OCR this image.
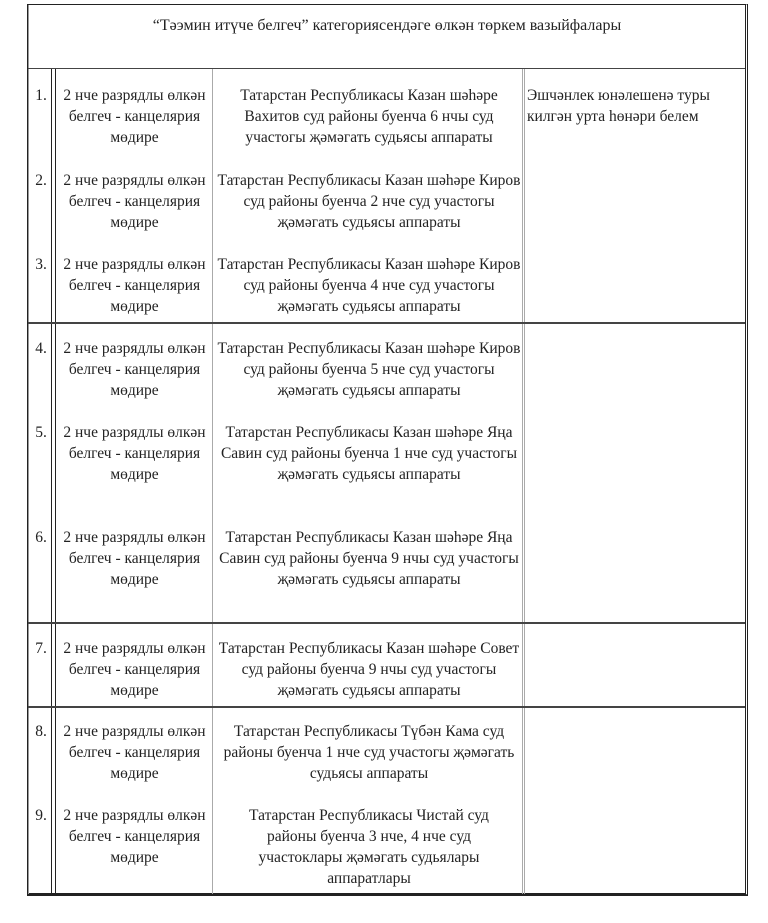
“Тәэмин итүче белгеч” категориясендәге өлкән төркем вазыйфалары
1.	2 нче разрядлы өлкән белгеч - канцелярия мөдире
Татарстан Республикасы Казан шәһәре Вахитов суд районы буенча 6 нчы суд участогы җәмәгать судьясы аппараты
Эшчәнлек юнәлешенә туры килгән урта һөнәри белем
2.	2 нче разрядлы өлкән белгеч - канцелярия мөдире
Татарстан Республикасы Казан шәһәре Киров суд районы буенча 2 нче суд участогы җәмәгать судьясы аппараты
3.	2 нче разрядлы өлкән белгеч - канцелярия мөдире
Татарстан Республикасы Казан шәһәре Киров суд районы буенча 4 нче суд участогы җәмәгать судьясы аппараты
4.	2 нче разрядлы өлкән белгеч - канцелярия мөдире
Татарстан Республикасы Казан шәһәре Киров суд районы буенча 5 нче суд участогы җәмәгать судьясы аппараты
5.	2 нче разрядлы өлкән белгеч - канцелярия мөдире
Татарстан Республикасы Казан шәһәре Яңа Савин суд районы буенча 1 нче суд участогы җәмәгать судьясы аппараты
6.	2 нче разрядлы өлкән белгеч - канцелярия мөдире
Татарстан Республикасы Казан шәһәре Яңа Савин суд районы буенча 9 нчы суд участогы җәмәгать судьясы аппараты
7.	2 нче разрядлы өлкән белгеч - канцелярия мөдире
Татарстан Республикасы Казан шәһәре Совет суд районы буенча 9 нчы суд участогы җәмәгать судьясы аппараты
8.	2 нче разрядлы өлкән белгеч - канцелярия мөдире
Татарстан Республикасы Түбән Кама суд районы буенча 1 нче суд участогы җәмәгать судьясы аппараты
9.	2 нче разрядлы өлкән белгеч - канцелярия мөдире
Татарстан Республикасы Чистай суд районы буенча 3 нче, 4 нче суд участоклары җәмәгать судьялары аппаратлары
